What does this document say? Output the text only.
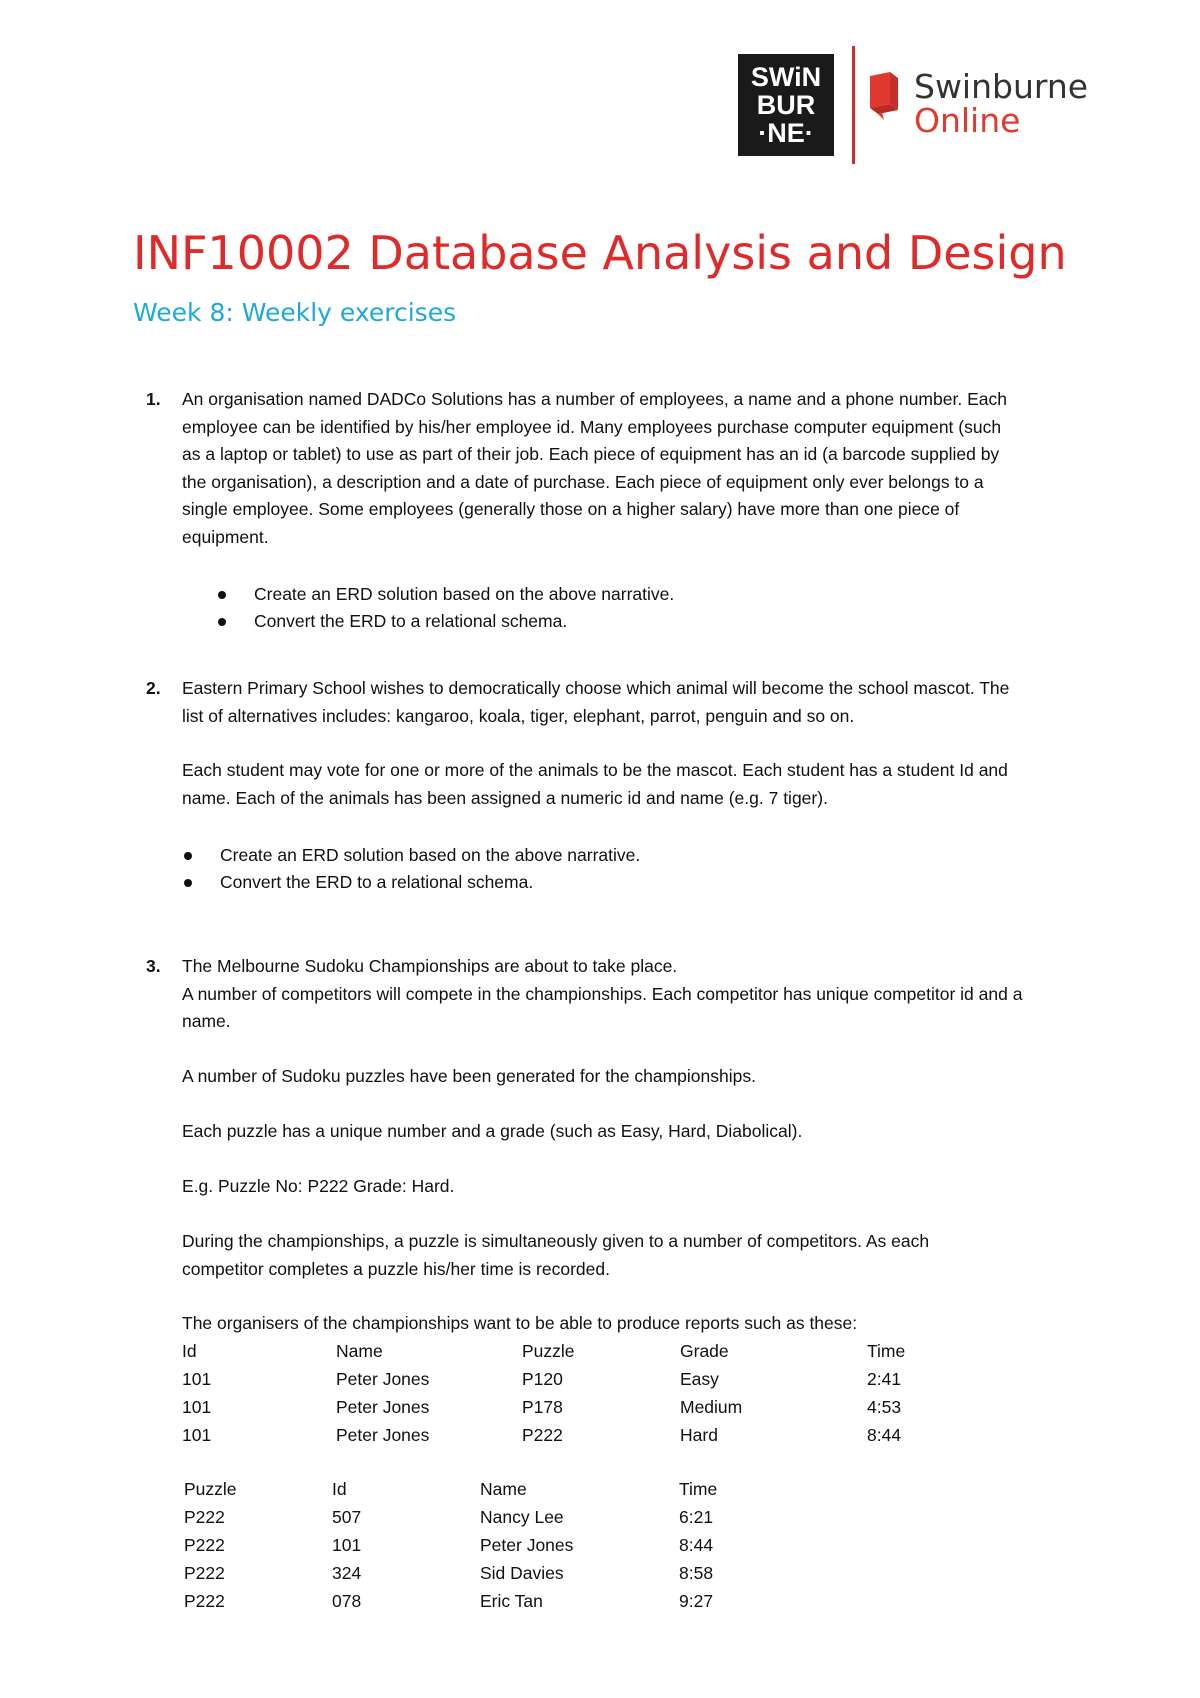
SWiN
BUR
·NE·
Swinburne
Online
INF10002 Database Analysis and Design
Week 8: Weekly exercises
1. An organisation named DADCo Solutions has a number of employees, a name and a phone number. Each
employee can be identified by his/her employee id. Many employees purchase computer equipment (such
as a laptop or tablet) to use as part of their job. Each piece of equipment has an id (a barcode supplied by
the organisation), a description and a date of purchase. Each piece of equipment only ever belongs to a
single employee. Some employees (generally those on a higher salary) have more than one piece of
equipment.
Create an ERD solution based on the above narrative.
Convert the ERD to a relational schema.
2. Eastern Primary School wishes to democratically choose which animal will become the school mascot. The
list of alternatives includes: kangaroo, koala, tiger, elephant, parrot, penguin and so on.
Each student may vote for one or more of the animals to be the mascot. Each student has a student Id and
name. Each of the animals has been assigned a numeric id and name (e.g. 7 tiger).
Create an ERD solution based on the above narrative.
Convert the ERD to a relational schema.
3. The Melbourne Sudoku Championships are about to take place.
A number of competitors will compete in the championships. Each competitor has unique competitor id and a
name.
A number of Sudoku puzzles have been generated for the championships.
Each puzzle has a unique number and a grade (such as Easy, Hard, Diabolical).
E.g. Puzzle No: P222 Grade: Hard.
During the championships, a puzzle is simultaneously given to a number of competitors. As each
competitor completes a puzzle his/her time is recorded.
The organisers of the championships want to be able to produce reports such as these:
Id	Name	Puzzle	Grade	Time
101	Peter Jones	P120	Easy	2:41
101	Peter Jones	P178	Medium	4:53
101	Peter Jones	P222	Hard	8:44
Puzzle	Id	Name	Time
P222	507	Nancy Lee	6:21
P222	101	Peter Jones	8:44
P222	324	Sid Davies	8:58
P222	078	Eric Tan	9:27
